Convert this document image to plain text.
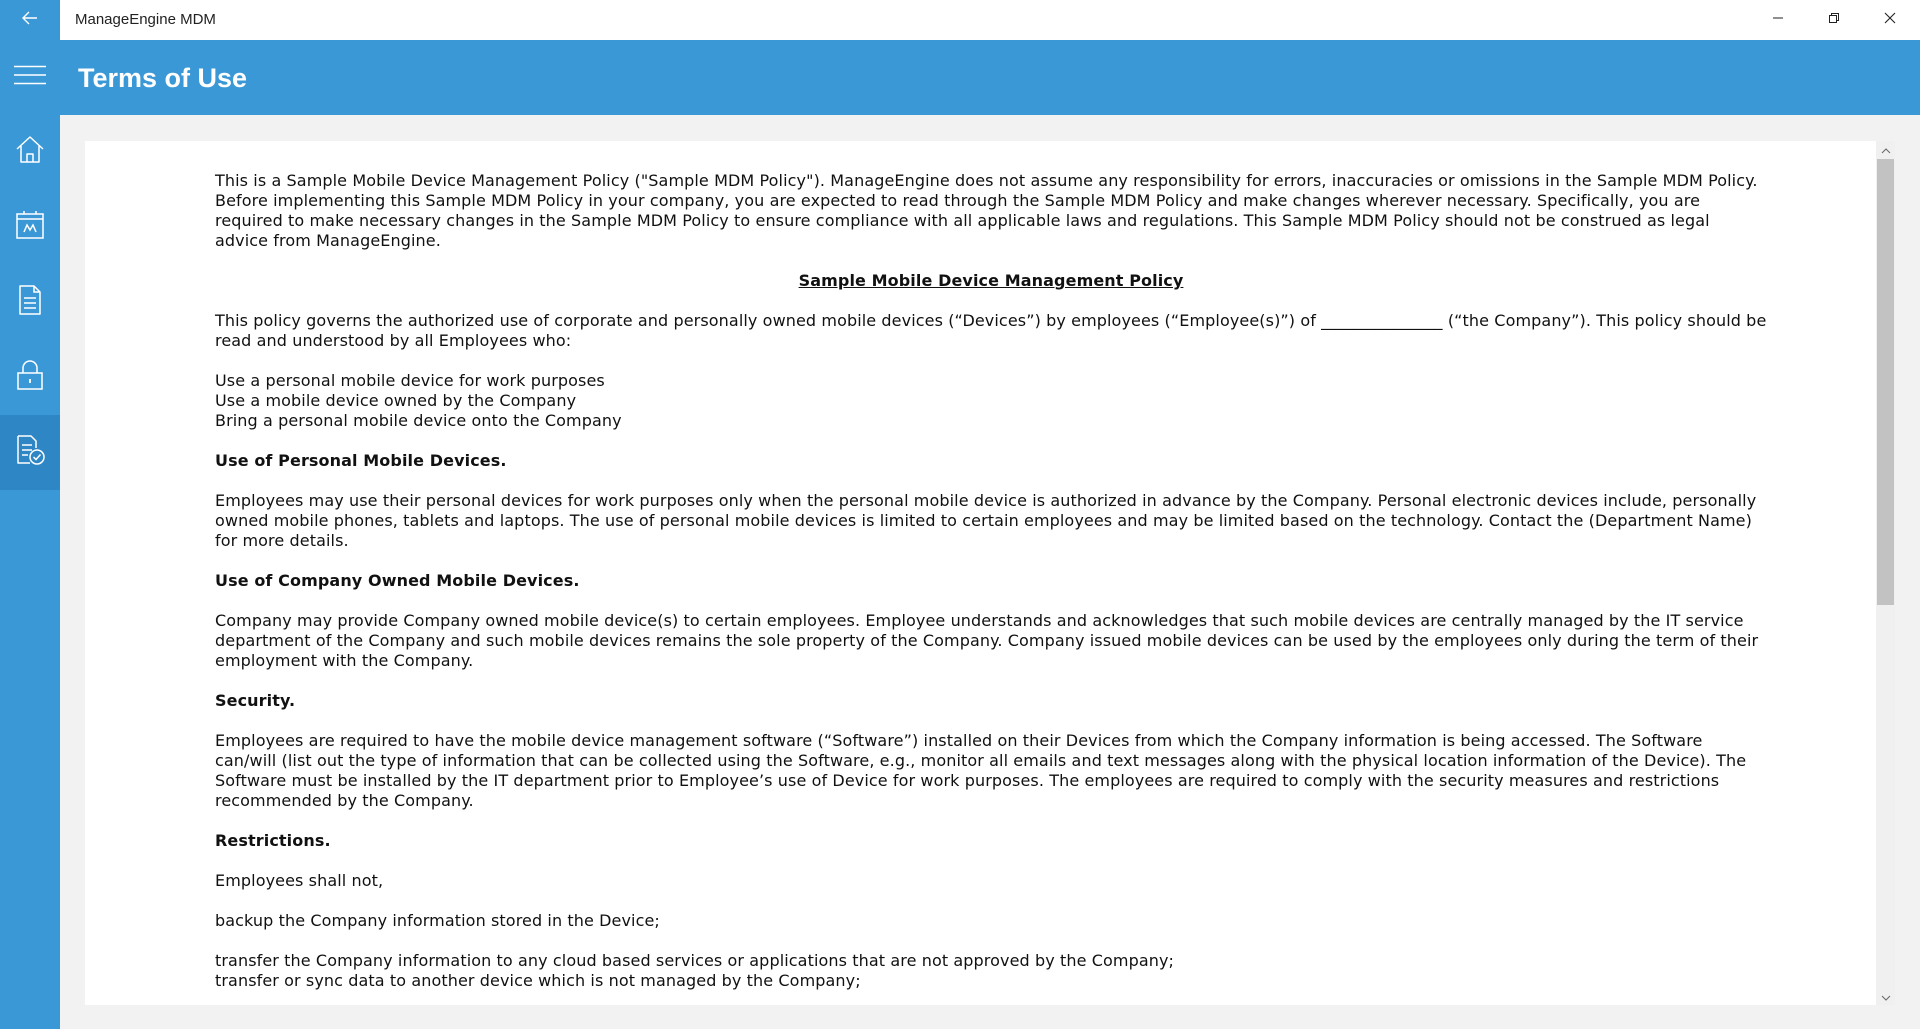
ManageEngine MDM
Terms of Use

This is a Sample Mobile Device Management Policy ("Sample MDM Policy"). ManageEngine does not assume any responsibility for errors, inaccuracies or omissions in the Sample MDM Policy. Before implementing this Sample MDM Policy in your company, you are expected to read through the Sample MDM Policy and make changes wherever necessary. Specifically, you are required to make necessary changes in the Sample MDM Policy to ensure compliance with all applicable laws and regulations. This Sample MDM Policy should not be construed as legal advice from ManageEngine.

Sample Mobile Device Management Policy

This policy governs the authorized use of corporate and personally owned mobile devices (“Devices”) by employees (“Employee(s)”) of _______________ (“the Company”). This policy should be read and understood by all Employees who:

Use a personal mobile device for work purposes

Use a mobile device owned by the Company

Bring a personal mobile device onto the Company

Use of Personal Mobile Devices.

Employees may use their personal devices for work purposes only when the personal mobile device is authorized in advance by the Company. Personal electronic devices include, personally owned mobile phones, tablets and laptops. The use of personal mobile devices is limited to certain employees and may be limited based on the technology. Contact the (Department Name) for more details.

Use of Company Owned Mobile Devices.

Company may provide Company owned mobile device(s) to certain employees. Employee understands and acknowledges that such mobile devices are centrally managed by the IT service department of the Company and such mobile devices remains the sole property of the Company. Company issued mobile devices can be used by the employees only during the term of their employment with the Company.

Security.

Employees are required to have the mobile device management software (“Software”) installed on their Devices from which the Company information is being accessed. The Software can/will (list out the type of information that can be collected using the Software, e.g., monitor all emails and text messages along with the physical location information of the Device). The Software must be installed by the IT department prior to Employee’s use of Device for work purposes. The employees are required to comply with the security measures and restrictions recommended by the Company.

Restrictions.

Employees shall not,

backup the Company information stored in the Device;

transfer the Company information to any cloud based services or applications that are not approved by the Company;

transfer or sync data to another device which is not managed by the Company;
